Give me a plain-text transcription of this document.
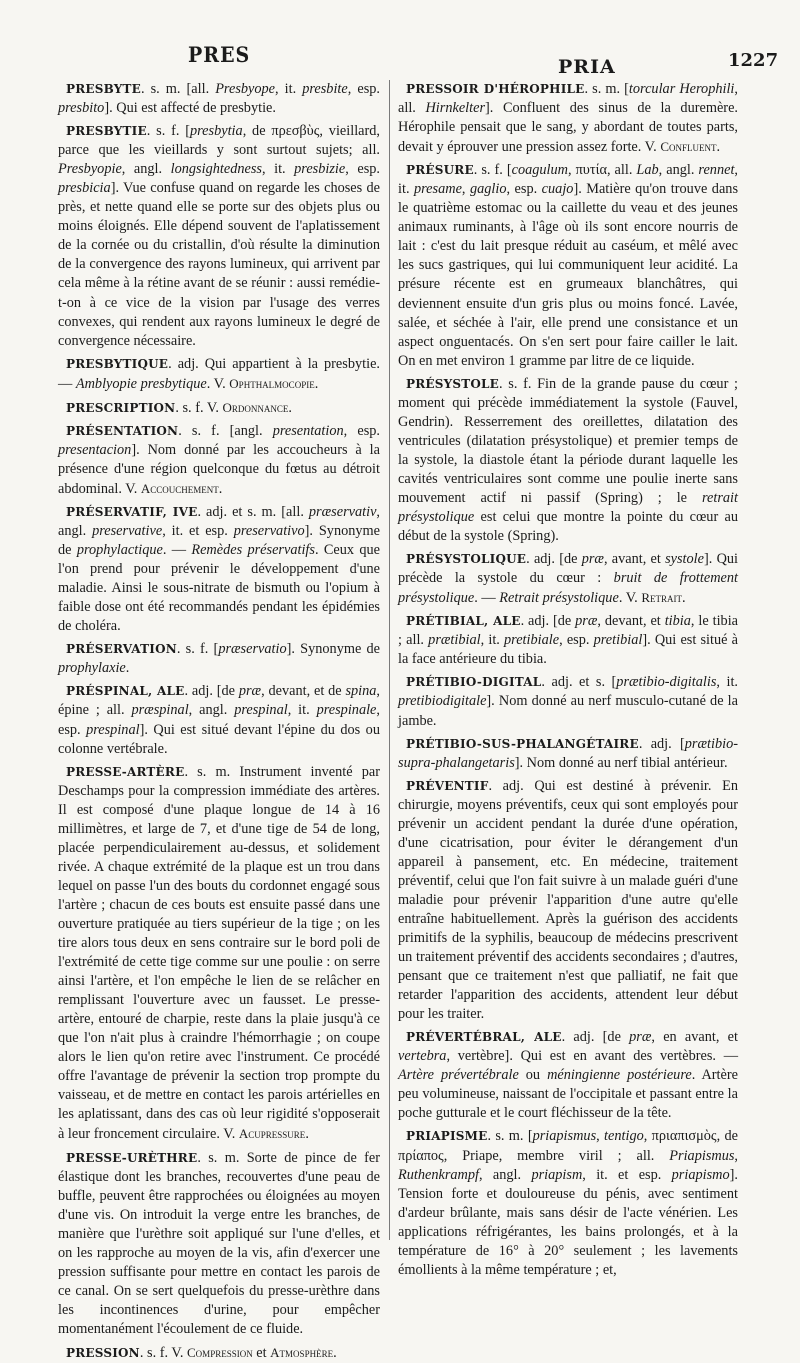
PRES	PRIA	1227

PRESBYTE. s. m. [all. Presbyope, it. presbite, esp. presbito]. Qui est affecté de presbytie.

PRESBYTIE. s. f. [presbytia, de πρεσβὺς, vieillard, parce que les vieillards y sont surtout sujets; all. Presbyopie, angl. longsightedness, it. presbizie, esp. presbicia]. Vue confuse quand on regarde les choses de près, et nette quand elle se porte sur des objets plus ou moins éloignés. Elle dépend souvent de l'aplatissement de la cornée ou du cristallin, d'où résulte la diminution de la convergence des rayons lumineux, qui arrivent par cela même à la rétine avant de se réunir : aussi remédie-t-on à ce vice de la vision par l'usage des verres convexes, qui rendent aux rayons lumineux le degré de convergence nécessaire.

PRESBYTIQUE. adj. Qui appartient à la presbytie. — Amblyopie presbytique. V. Ophthalmocopie.

PRESCRIPTION. s. f. V. Ordonnance.

PRÉSENTATION. s. f. [angl. presentation, esp. presentacion]. Nom donné par les accoucheurs à la présence d'une région quelconque du fœtus au détroit abdominal. V. Accouchement.

PRÉSERVATIF, IVE. adj. et s. m. [all. præservativ, angl. preservative, it. et esp. preservativo]. Synonyme de prophylactique. — Remèdes préservatifs. Ceux que l'on prend pour prévenir le développement d'une maladie. Ainsi le sous-nitrate de bismuth ou l'opium à faible dose ont été recommandés pendant les épidémies de choléra.

PRÉSERVATION. s. f. [præservatio]. Synonyme de prophylaxie.

PRÉSPINAL, ALE. adj. [de præ, devant, et de spina, épine ; all. præspinal, angl. prespinal, it. prespinale, esp. prespinal]. Qui est situé devant l'épine du dos ou colonne vertébrale.

PRESSE-ARTÈRE. s. m. Instrument inventé par Deschamps pour la compression immédiate des artères. Il est composé d'une plaque longue de 14 à 16 millimètres, et large de 7, et d'une tige de 54 de long, placée perpendiculairement au-dessus, et solidement rivée. A chaque extrémité de la plaque est un trou dans lequel on passe l'un des bouts du cordonnet engagé sous l'artère ; chacun de ces bouts est ensuite passé dans une ouverture pratiquée au tiers supérieur de la tige ; on les tire alors tous deux en sens contraire sur le bord poli de l'extrémité de cette tige comme sur une poulie : on serre ainsi l'artère, et l'on empêche le lien de se relâcher en remplissant l'ouverture avec un fausset. Le presse-artère, entouré de charpie, reste dans la plaie jusqu'à ce que l'on n'ait plus à craindre l'hémorrhagie ; on coupe alors le lien qu'on retire avec l'instrument. Ce procédé offre l'avantage de prévenir la section trop prompte du vaisseau, et de mettre en contact les parois artérielles en les aplatissant, dans des cas où leur rigidité s'opposerait à leur froncement circulaire. V. Acupressure.

PRESSE-URÈTHRE. s. m. Sorte de pince de fer élastique dont les branches, recouvertes d'une peau de buffle, peuvent être rapprochées ou éloignées au moyen d'une vis. On introduit la verge entre les branches, de manière que l'urèthre soit appliqué sur l'une d'elles, et on les rapproche au moyen de la vis, afin d'exercer une pression suffisante pour mettre en contact les parois de ce canal. On se sert quelquefois du presse-urèthre dans les incontinences d'urine, pour empêcher momentanément l'écoulement de ce fluide.

PRESSION. s. f. V. Compression et Atmosphère.

PRESSOIR D'HÉROPHILE. s. m. [torcular Herophili, all. Hirnkelter]. Confluent des sinus de la duremère. Hérophile pensait que le sang, y abordant de toutes parts, devait y éprouver une pression assez forte. V. Confluent.

PRÉSURE. s. f. [coagulum, πυτία, all. Lab, angl. rennet, it. presame, gaglio, esp. cuajo]. Matière qu'on trouve dans le quatrième estomac ou la caillette du veau et des jeunes animaux ruminants, à l'âge où ils sont encore nourris de lait : c'est du lait presque réduit au caséum, et mêlé avec les sucs gastriques, qui lui communiquent leur acidité. La présure récente est en grumeaux blanchâtres, qui deviennent ensuite d'un gris plus ou moins foncé. Lavée, salée, et séchée à l'air, elle prend une consistance et un aspect onguentacés. On s'en sert pour faire cailler le lait. On en met environ 1 gramme par litre de ce liquide.

PRÉSYSTOLE. s. f. Fin de la grande pause du cœur ; moment qui précède immédiatement la systole (Fauvel, Gendrin). Resserrement des oreillettes, dilatation des ventricules (dilatation présystolique) et premier temps de la systole, la diastole étant la période durant laquelle les cavités ventriculaires sont comme une poulie inerte sans mouvement actif ni passif (Spring) ; le retrait présystolique est celui que montre la pointe du cœur au début de la systole (Spring).

PRÉSYSTOLIQUE. adj. [de præ, avant, et systole]. Qui précède la systole du cœur : bruit de frottement présystolique. — Retrait présystolique. V. Retrait.

PRÉTIBIAL, ALE. adj. [de præ, devant, et tibia, le tibia ; all. prætibial, it. pretibiale, esp. pretibial]. Qui est situé à la face antérieure du tibia.

PRÉTIBIO-DIGITAL. adj. et s. [prætibio-digitalis, it. pretibiodigitale]. Nom donné au nerf musculo-cutané de la jambe.

PRÉTIBIO-SUS-PHALANGÉTAIRE. adj. [prætibio-supra-phalangetaris]. Nom donné au nerf tibial antérieur.

PRÉVENTIF. adj. Qui est destiné à prévenir. En chirurgie, moyens préventifs, ceux qui sont employés pour prévenir un accident pendant la durée d'une opération, d'une cicatrisation, pour éviter le dérangement d'un appareil à pansement, etc. En médecine, traitement préventif, celui que l'on fait suivre à un malade guéri d'une maladie pour prévenir l'apparition d'une autre qu'elle entraîne habituellement. Après la guérison des accidents primitifs de la syphilis, beaucoup de médecins prescrivent un traitement préventif des accidents secondaires ; d'autres, pensant que ce traitement n'est que palliatif, ne fait que retarder l'apparition des accidents, attendent leur début pour les traiter.

PRÉVERTÉBRAL, ALE. adj. [de præ, en avant, et vertebra, vertèbre]. Qui est en avant des vertèbres. — Artère prévertébrale ou méningienne postérieure. Artère peu volumineuse, naissant de l'occipitale et passant entre la poche gutturale et le court fléchisseur de la tête.

PRIAPISME. s. m. [priapismus, tentigo, πριαπισμὸς, de πρίαπος, Priape, membre viril ; all. Priapismus, Ruthenkrampf, angl. priapism, it. et esp. priapismo]. Tension forte et douloureuse du pénis, avec sentiment d'ardeur brûlante, mais sans désir de l'acte vénérien. Les applications réfrigérantes, les bains prolongés, et à la température de 16° à 20° seulement ; les lavements émollients à la même température ; et,
